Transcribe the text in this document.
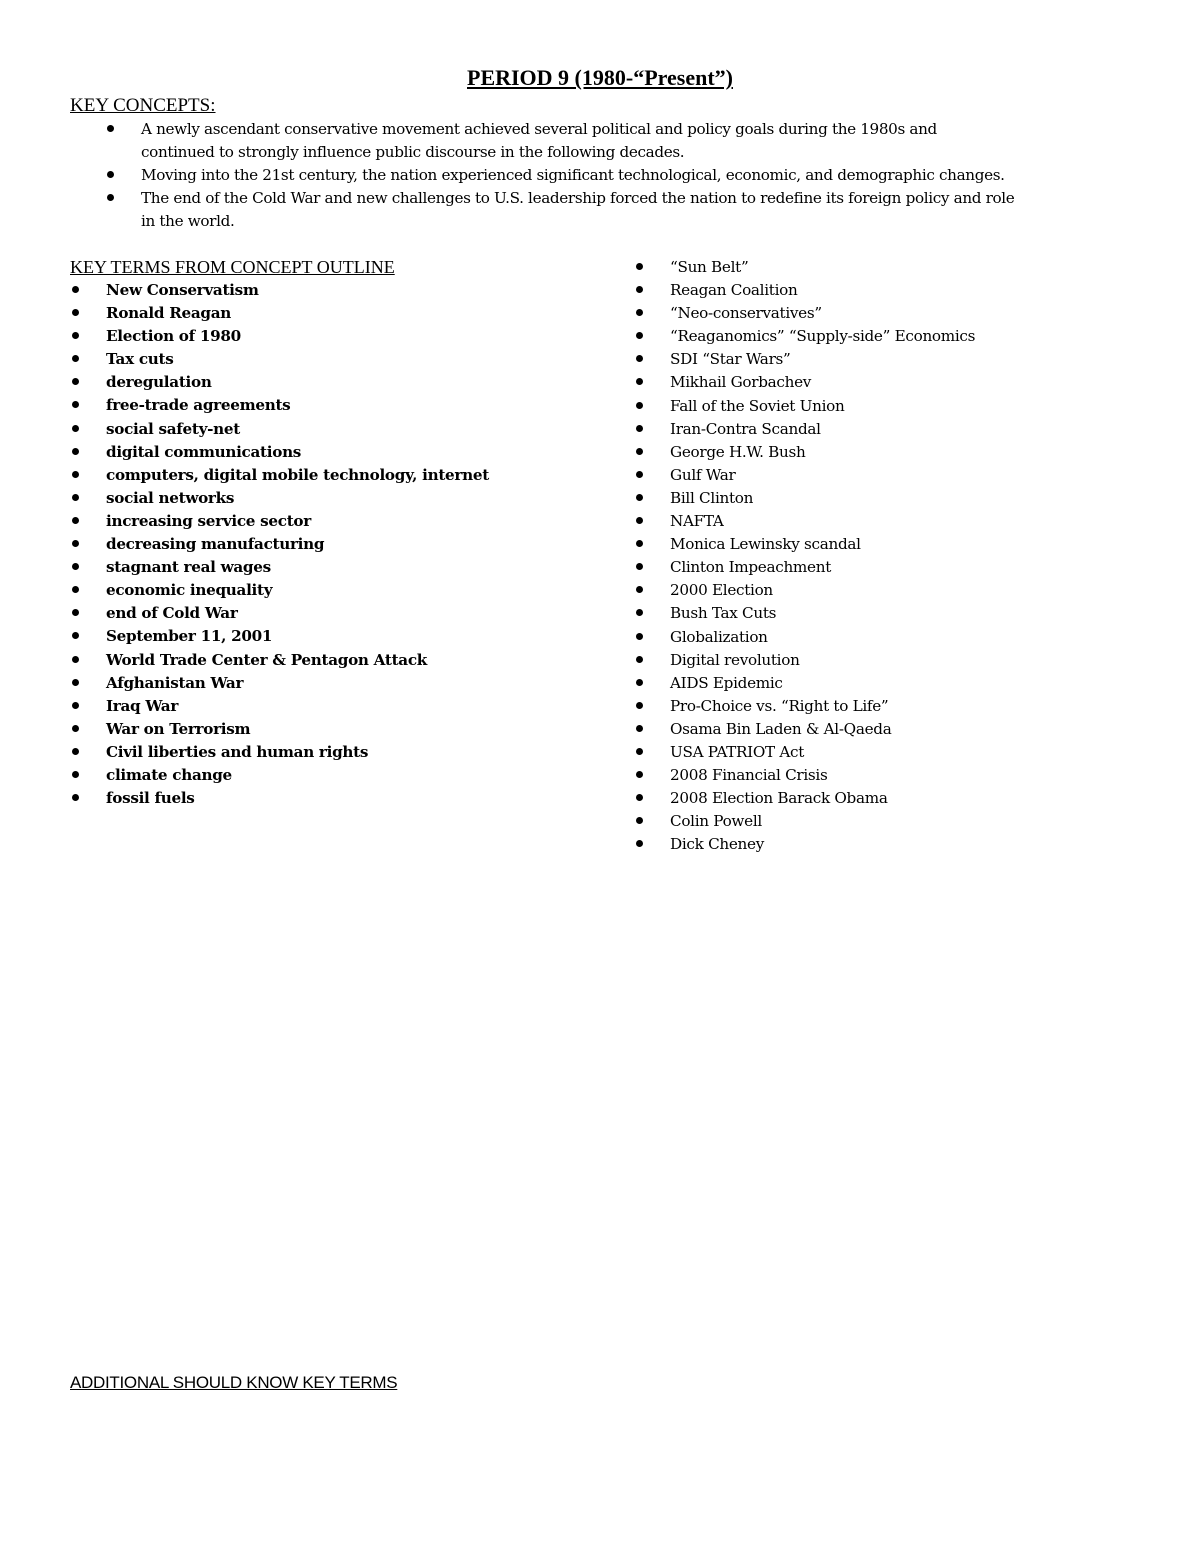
PERIOD 9 (1980-“Present”)
KEY CONCEPTS:
A newly ascendant conservative movement achieved several political and policy goals during the 1980s and
continued to strongly influence public discourse in the following decades.
Moving into the 21st century, the nation experienced significant technological, economic, and demographic changes.
The end of the Cold War and new challenges to U.S. leadership forced the nation to redefine its foreign policy and role
in the world.
KEY TERMS FROM CONCEPT OUTLINE
New Conservatism
Ronald Reagan
Election of 1980
Tax cuts
deregulation
free-trade agreements
social safety-net
digital communications
computers, digital mobile technology, internet
social networks
increasing service sector
decreasing manufacturing
stagnant real wages
economic inequality
end of Cold War
September 11, 2001
World Trade Center & Pentagon Attack
Afghanistan War
Iraq War
War on Terrorism
Civil liberties and human rights
climate change
fossil fuels
“Sun Belt”
Reagan Coalition
“Neo-conservatives”
“Reaganomics” “Supply-side” Economics
SDI “Star Wars”
Mikhail Gorbachev
Fall of the Soviet Union
Iran-Contra Scandal
George H.W. Bush
Gulf War
Bill Clinton
NAFTA
Monica Lewinsky scandal
Clinton Impeachment
2000 Election
Bush Tax Cuts
Globalization
Digital revolution
AIDS Epidemic
Pro-Choice vs. “Right to Life”
Osama Bin Laden & Al-Qaeda
USA PATRIOT Act
2008 Financial Crisis
2008 Election Barack Obama
Colin Powell
Dick Cheney
ADDITIONAL SHOULD KNOW KEY TERMS
